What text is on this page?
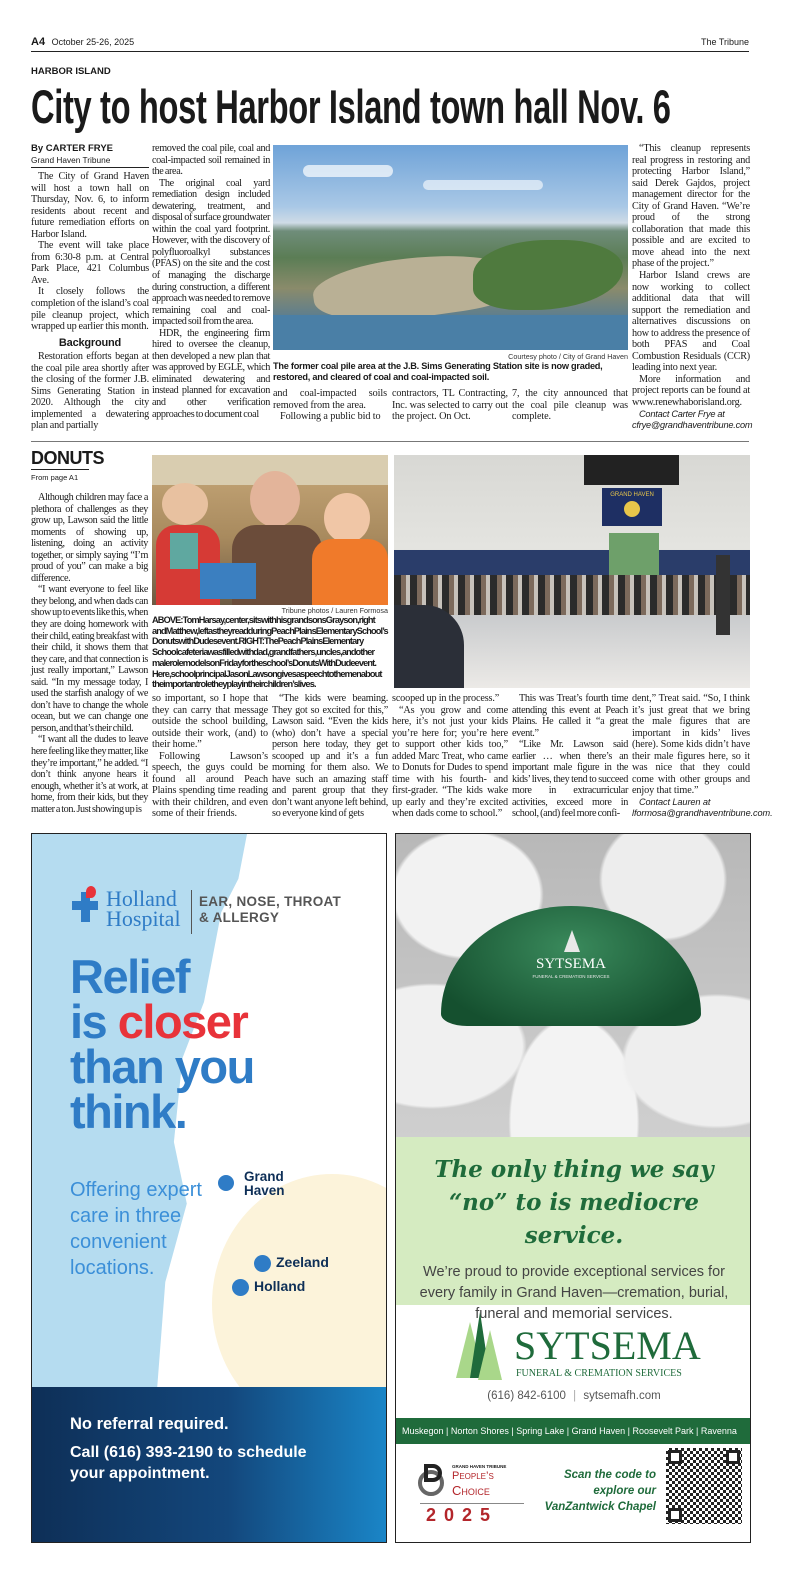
A4 October 25-26, 2025	The Tribune
HARBOR ISLAND
City to host Harbor Island town hall Nov. 6
By CARTER FRYE
Grand Haven Tribune

The City of Grand Haven will host a town hall on Thursday, Nov. 6, to inform residents about recent and future remediation efforts on Harbor Island.

The event will take place from 6:30-8 p.m. at Central Park Place, 421 Columbus Ave.

It closely follows the completion of the island’s coal pile cleanup project, which wrapped up earlier this month.

Background

Restoration efforts began at the coal pile area shortly after the closing of the former J.B. Sims Generating Station in 2020. Although the city implemented a dewatering plan and partially

removed the coal pile, coal and coal-impacted soil remained in the area.

The original coal yard remediation design included dewatering, treatment, and disposal of surface groundwater within the coal yard footprint. However, with the discovery of polyfluoroalkyl substances (PFAS) on the site and the cost of managing the discharge during construction, a different approach was needed to remove remaining coal and coal-impacted soil from the area.

HDR, the engineering firm hired to oversee the cleanup, then developed a new plan that was approved by EGLE, which eliminated dewatering and instead planned for excavation and other verification approaches to document coal

Courtesy photo / City of Grand Haven
The former coal pile area at the J.B. Sims Generating Station site is now graded, restored, and cleared of coal and coal-impacted soil.

and coal-impacted soils removed from the area.

Following a public bid to

contractors, TL Contracting, Inc. was selected to carry out the project. On Oct.

7, the city announced that the coal pile cleanup was complete.

“This cleanup represents real progress in restoring and protecting Harbor Island,” said Derek Gajdos, project management director for the City of Grand Haven. “We’re proud of the strong collaboration that made this possible and are excited to move ahead into the next phase of the project.”

Harbor Island crews are now working to collect additional data that will support the remediation and alternatives discussions on how to address the presence of both PFAS and Coal Combustion Residuals (CCR) leading into next year.

More information and project reports can be found at www.renewhaborisland.org.

Contact Carter Frye at cfrye@grandhaventribune.com

DONUTS
From page A1

Although children may face a plethora of challenges as they grow up, Lawson said the little moments of showing up, listening, doing an activity together, or simply saying “I’m proud of you” can make a big difference.

“I want everyone to feel like they belong, and when dads can show up to events like this, when they are doing homework with their child, eating breakfast with their child, it shows them that they care, and that connection is just really important,” Lawson said. “In my message today, I used the starfish analogy of we don’t have to change the whole ocean, but we can change one person, and that’s their child.

“I want all the dudes to leave here feeling like they matter, like they’re important,” he added. “I don’t think anyone hears it enough, whether it’s at work, at home, from their kids, but they matter a ton. Just showing up is

Tribune photos / Lauren Formosa
ABOVE: Tom Harsay, center, sits with his grandsons Grayson, right and Matthew, left as they read during Peach Plains Elementary School’s Donuts with Dudes event. RIGHT: The Peach Plains Elementary School cafeteria was filled with dad, grandfathers, uncles, and other male role models on Friday for the school’s Donuts With Dude event. Here, school principal Jason Lawson gives a speech to the men about the important role they play in their children’s lives.
GRAND HAVEN

so important, so I hope that they can carry that message outside the school building, outside their work, (and) to their home.”

Following Lawson’s speech, the guys could be found all around Peach Plains spending time reading with their children, and even some of their friends.

“The kids were beaming. They got so excited for this,” Lawson said. “Even the kids (who) don’t have a special person here today, they get scooped up and it’s a fun morning for them also. We have such an amazing staff and parent group that they don’t want anyone left behind, so everyone kind of gets

scooped up in the process.”

“As you grow and come here, it’s not just your kids you’re here for; you’re here to support other kids too,” added Marc Treat, who came to Donuts for Dudes to spend time with his fourth- and first-grader. “The kids wake up early and they’re excited when dads come to school.”

This was Treat’s fourth time attending this event at Peach Plains. He called it “a great event.”

“Like Mr. Lawson said earlier … when there’s an important male figure in the kids’ lives, they tend to succeed more in extracurricular activities, exceed more in school, (and) feel more confi-

dent,” Treat said. “So, I think it’s just great that we bring the male figures that are important in kids’ lives (here). Some kids didn’t have their male figures here, so it was nice that they could come with other groups and enjoy that time.”

Contact Lauren at lformosa@grandhaventribune.com.

Holland
Hospital
EAR, NOSE, THROAT
& ALLERGY
Relief
is closer
than you
think.
Offering expert care in three convenient locations.
Grand Haven
Zeeland
Holland
No referral required.
Call (616) 393-2190 to schedule your appointment.
SYTSEMA
FUNERAL & CREMATION SERVICES
The only thing we say “no” to is mediocre service.
We’re proud to provide exceptional services for every family in Grand Haven—cremation, burial, funeral and memorial services.
SYTSEMA
FUNERAL & CREMATION SERVICES
(616) 842-6100 | sytsemafh.com
Muskegon | Norton Shores | Spring Lake | Grand Haven | Roosevelt Park | Ravenna
GRAND HAVEN TRIBUNE
People’s
Choice
2025
Scan the code to explore our VanZantwick Chapel
